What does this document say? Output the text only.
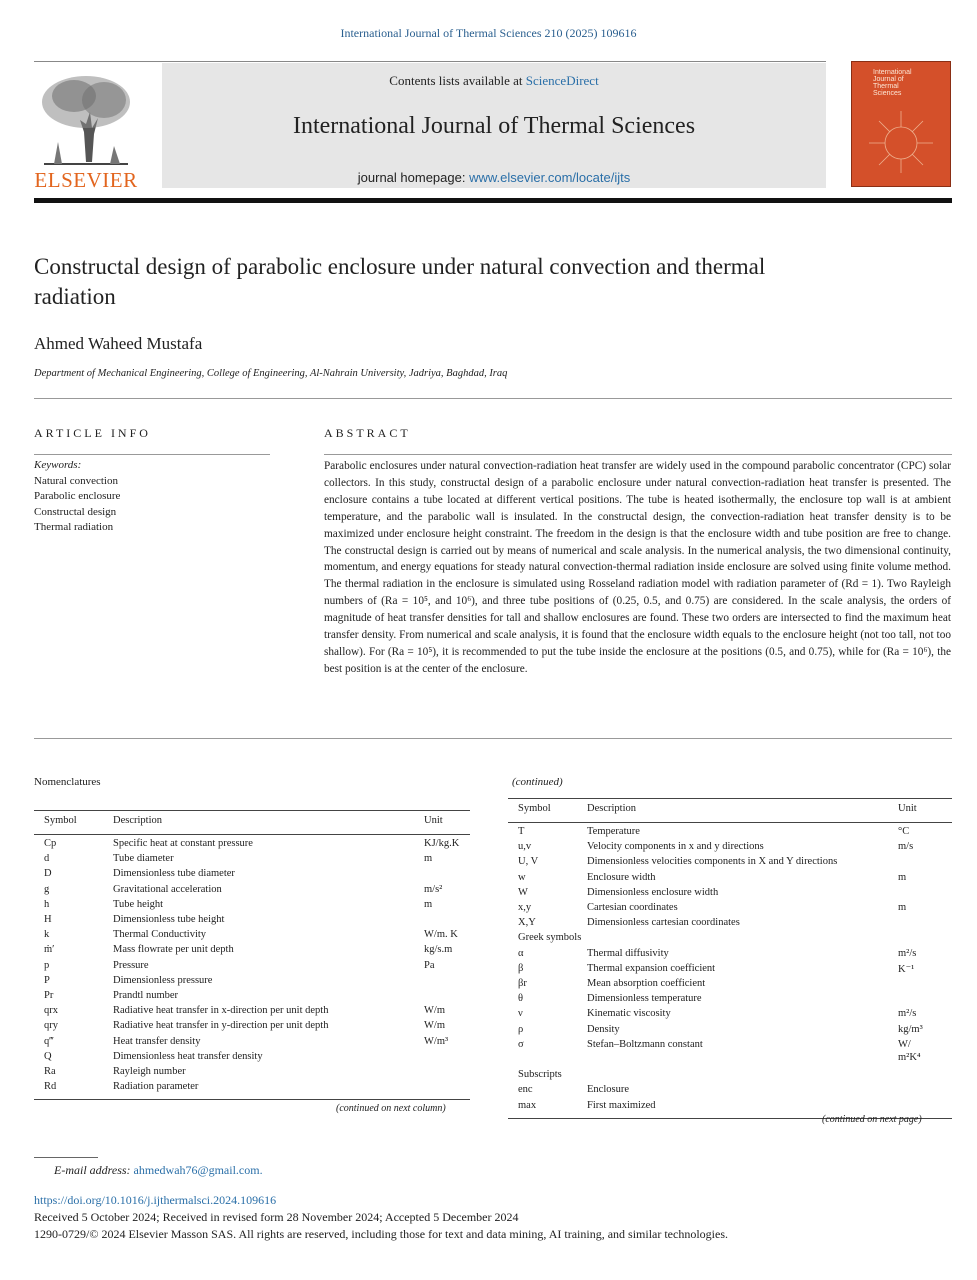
International Journal of Thermal Sciences 210 (2025) 109616
ELSEVIER
Contents lists available at ScienceDirect
International Journal of Thermal Sciences
journal homepage: www.elsevier.com/locate/ijts
International
Journal of
Thermal
Sciences
Constructal design of parabolic enclosure under natural convection and thermal radiation
Ahmed Waheed Mustafa
Department of Mechanical Engineering, College of Engineering, Al-Nahrain University, Jadriya, Baghdad, Iraq
ARTICLE INFO
Keywords:
Natural convection
Parabolic enclosure
Constructal design
Thermal radiation
ABSTRACT
Parabolic enclosures under natural convection-radiation heat transfer are widely used in the compound parabolic concentrator (CPC) solar collectors. In this study, constructal design of a parabolic enclosure under natural convection-radiation heat transfer is presented. The enclosure contains a tube located at different vertical positions. The tube is heated isothermally, the enclosure top wall is at ambient temperature, and the parabolic wall is insulated. In the constructal design, the convection-radiation heat transfer density is to be maximized under enclosure height constraint. The freedom in the design is that the enclosure width and tube position are free to change. The constructal design is carried out by means of numerical and scale analysis. In the numerical analysis, the two dimensional continuity, momentum, and energy equations for steady natural convection-thermal radiation inside enclosure are solved using finite volume method. The thermal radiation in the enclosure is simulated using Rosseland radiation model with radiation parameter of (Rd = 1). Two Rayleigh numbers of (Ra = 10⁵, and 10⁶), and three tube positions of (0.25, 0.5, and 0.75) are considered. In the scale analysis, the orders of magnitude of heat transfer densities for tall and shallow enclosures are found. These two orders are intersected to find the maximum heat transfer density. From numerical and scale analysis, it is found that the enclosure width equals to the enclosure height (not too tall, not too shallow). For (Ra = 10⁵), it is recommended to put the tube inside the enclosure at the positions (0.5, and 0.75), while for (Ra = 10⁶), the best position is at the center of the enclosure.
Nomenclatures	(continued)
Symbol	Description	Unit
Cp	Specific heat at constant pressure	KJ/kg.K
d	Tube diameter	m
D	Dimensionless tube diameter
g	Gravitational acceleration	m/s²
h	Tube height	m
H	Dimensionless tube height
k	Thermal Conductivity	W/m. K
ṁ′	Mass flowrate per unit depth	kg/s.m
p	Pressure	Pa
P	Dimensionless pressure
Pr	Prandtl number
qrx	Radiative heat transfer in x-direction per unit depth	W/m
qry	Radiative heat transfer in y-direction per unit depth	W/m
q‴	Heat transfer density	W/m³
Q	Dimensionless heat transfer density
Ra	Rayleigh number
Rd	Radiation parameter
Symbol	Description	Unit
T	Temperature	°C
u,v	Velocity components in x and y directions	m/s
U, V	Dimensionless velocities components in X and Y directions
w	Enclosure width	m
W	Dimensionless enclosure width
x,y	Cartesian coordinates	m
X,Y	Dimensionless cartesian coordinates
Greek symbols
α	Thermal diffusivity	m²/s
β	Thermal expansion coefficient	K⁻¹
βr	Mean absorption coefficient
θ	Dimensionless temperature
ν	Kinematic viscosity	m²/s
ρ	Density	kg/m³
σ	Stefan–Boltzmann constant	W/
m²K⁴
Subscripts
enc	Enclosure
max	First maximized
(continued on next column)
(continued on next page)
E-mail address: ahmedwah76@gmail.com.
https://doi.org/10.1016/j.ijthermalsci.2024.109616
Received 5 October 2024; Received in revised form 28 November 2024; Accepted 5 December 2024
1290-0729/© 2024 Elsevier Masson SAS. All rights are reserved, including those for text and data mining, AI training, and similar technologies.
